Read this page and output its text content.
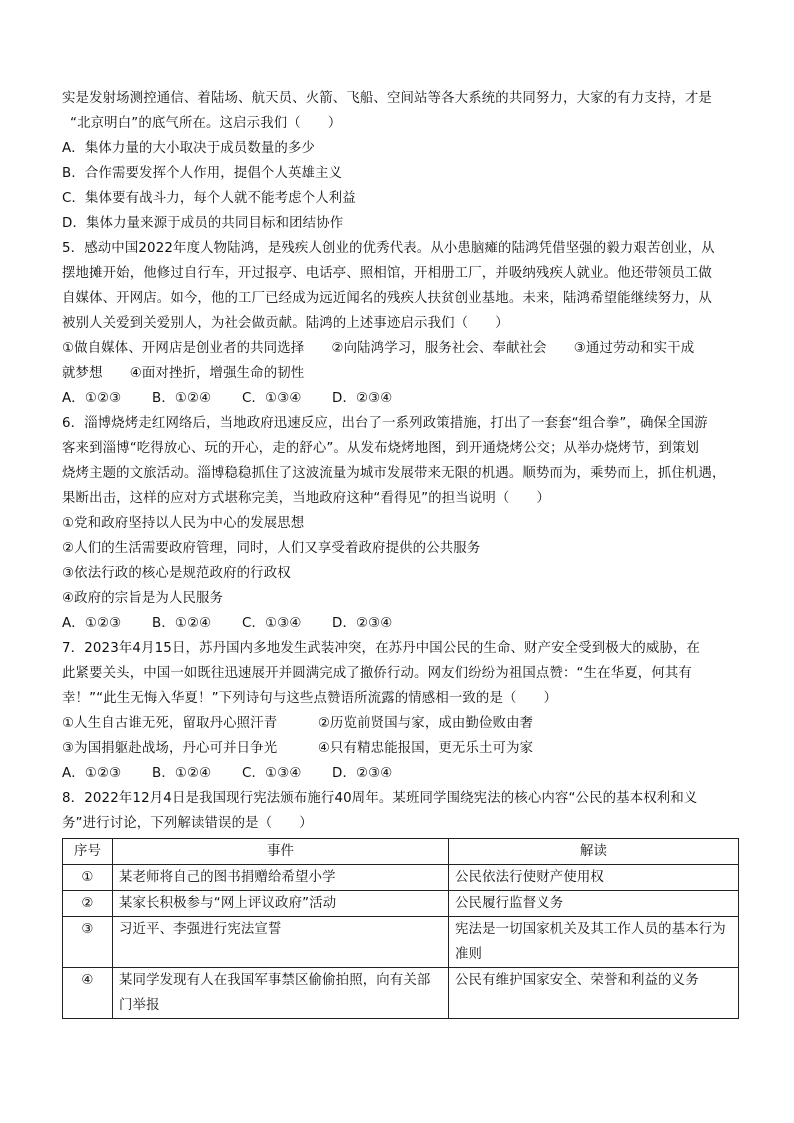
实是发射场测控通信、着陆场、航天员、火箭、飞船、空间站等各大系统的共同努力，大家的有力支持，才是
“北京明白”的底气所在。这启示我们（　　）
A．集体力量的大小取决于成员数量的多少
B．合作需要发挥个人作用，提倡个人英雄主义
C．集体要有战斗力，每个人就不能考虑个人利益
D．集体力量来源于成员的共同目标和团结协作
5．感动中国2022年度人物陆鸿，是残疾人创业的优秀代表。从小患脑瘫的陆鸿凭借坚强的毅力艰苦创业，从
摆地摊开始，他修过自行车，开过报亭、电话亭、照相馆，开相册工厂，并吸纳残疾人就业。他还带领员工做
自媒体、开网店。如今，他的工厂已经成为远近闻名的残疾人扶贫创业基地。未来，陆鸿希望能继续努力，从
被别人关爱到关爱别人，为社会做贡献。陆鸿的上述事迹启示我们（　　）
①做自媒体、开网店是创业者的共同选择　　②向陆鸿学习，服务社会、奉献社会　　③通过劳动和实干成
就梦想　　④面对挫折，增强生命的韧性
A．①②③	B．①②④	C．①③④	D．②③④
6．淄博烧烤走红网络后，当地政府迅速反应，出台了一系列政策措施，打出了一套套“组合拳”，确保全国游
客来到淄博“吃得放心、玩的开心，走的舒心”。从发布烧烤地图，到开通烧烤公交；从举办烧烤节，到策划
烧烤主题的文旅活动。淄博稳稳抓住了这波流量为城市发展带来无限的机遇。顺势而为，乘势而上，抓住机遇，
果断出击，这样的应对方式堪称完美，当地政府这种“看得见”的担当说明（　　）
①党和政府坚持以人民为中心的发展思想
②人们的生活需要政府管理，同时，人们又享受着政府提供的公共服务
③依法行政的核心是规范政府的行政权
④政府的宗旨是为人民服务
A．①②③	B．①②④	C．①③④	D．②③④
7．2023年4月15日，苏丹国内多地发生武装冲突，在苏丹中国公民的生命、财产安全受到极大的威胁，在
此紧要关头，中国一如既往迅速展开并圆满完成了撤侨行动。网友们纷纷为祖国点赞：“生在华夏，何其有
幸！”“此生无悔入华夏！”下列诗句与这些点赞语所流露的情感相一致的是（　　）
①人生自古谁无死，留取丹心照汗青　　　②历览前贤国与家，成由勤俭败由奢
③为国捐躯赴战场，丹心可并日争光　　　④只有精忠能报国，更无乐土可为家
A．①②③	B．①②④	C．①③④	D．②③④
8．2022年12月4日是我国现行宪法颁布施行40周年。某班同学围绕宪法的核心内容“公民的基本权利和义
务”进行讨论，下列解读错误的是（　　）
序号	事件	解读
①	某老师将自己的图书捐赠给希望小学	公民依法行使财产使用权
②	某家长积极参与“网上评议政府”活动	公民履行监督义务
③	习近平、李强进行宪法宣誓	宪法是一切国家机关及其工作人员的基本行为准则
④	某同学发现有人在我国军事禁区偷偷拍照，向有关部门举报	公民有维护国家安全、荣誉和利益的义务
